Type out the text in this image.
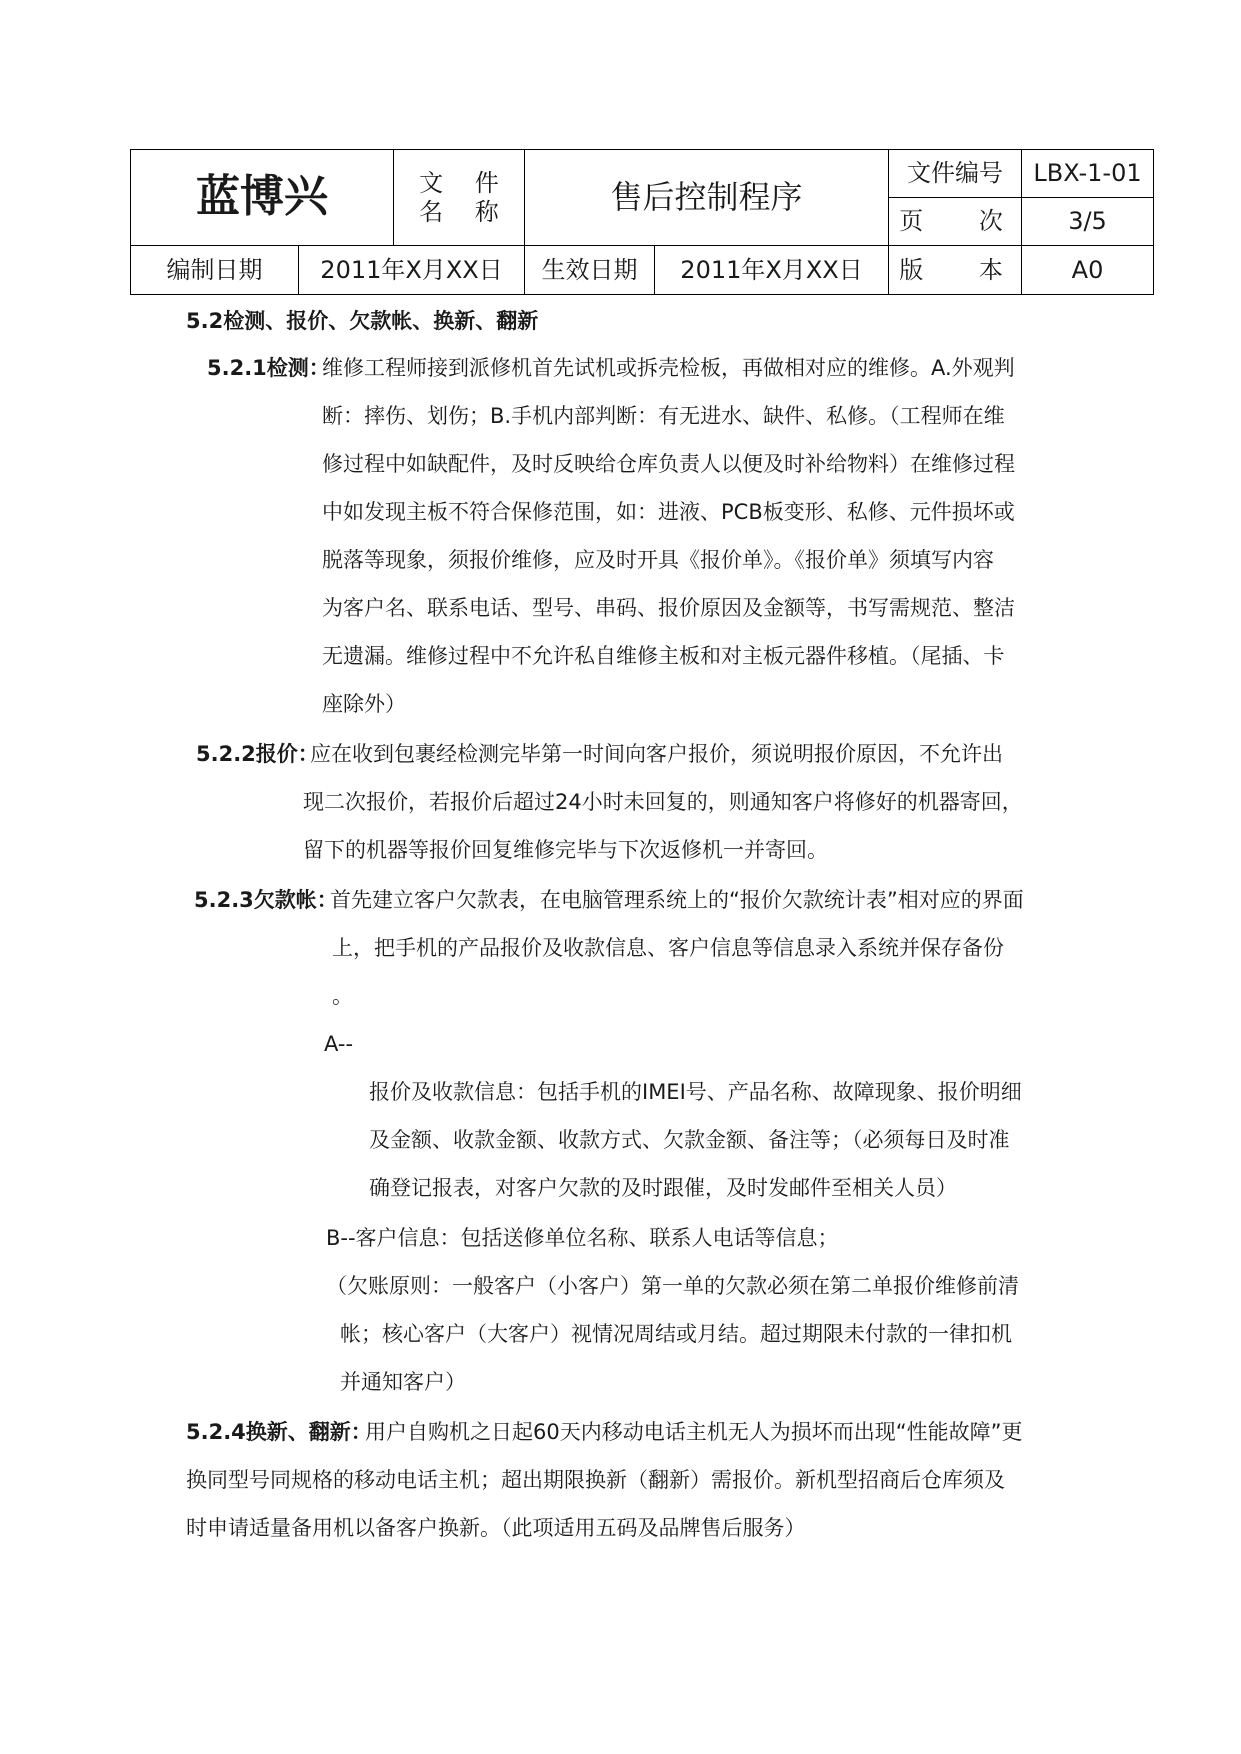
蓝博兴		文 件
名 称	售后控制程序		文件编号	LBX-1-01
					页　 次	3/5
编制日期	2011年X月XX日		生效日期	2011年X月XX日	版　 本	A0
5.2检测、报价、欠款帐、换新、翻新
5.2.1检测：
维修工程师接到派修机首先试机或拆壳检板，再做相对应的维修。A.外观判
断：摔伤、划伤；B.手机内部判断：有无进水、缺件、私修。（工程师在维
修过程中如缺配件，及时反映给仓库负责人以便及时补给物料）在维修过程
中如发现主板不符合保修范围，如：进液、PCB板变形、私修、元件损坏或
脱落等现象，须报价维修，应及时开具《报价单》。《报价单》须填写内容
为客户名、联系电话、型号、串码、报价原因及金额等，书写需规范、整洁
无遗漏。维修过程中不允许私自维修主板和对主板元器件移植。（尾插、卡
座除外）
5.2.2报价：
应在收到包裹经检测完毕第一时间向客户报价，须说明报价原因，不允许出
现二次报价，若报价后超过24小时未回复的，则通知客户将修好的机器寄回，
留下的机器等报价回复维修完毕与下次返修机一并寄回。
5.2.3欠款帐：
首先建立客户欠款表，在电脑管理系统上的“报价欠款统计表”相对应的界面
上，把手机的产品报价及收款信息、客户信息等信息录入系统并保存备份
。
A--
报价及收款信息：包括手机的IMEI号、产品名称、故障现象、报价明细
及金额、收款金额、收款方式、欠款金额、备注等；（必须每日及时准
确登记报表，对客户欠款的及时跟催，及时发邮件至相关人员）
B--客户信息：包括送修单位名称、联系人电话等信息；
（欠账原则：一般客户（小客户）第一单的欠款必须在第二单报价维修前清
帐；核心客户（大客户）视情况周结或月结。超过期限未付款的一律扣机
并通知客户）
5.2.4换新、翻新：
用户自购机之日起60天内移动电话主机无人为损坏而出现“性能故障”更
换同型号同规格的移动电话主机；超出期限换新（翻新）需报价。新机型招商后仓库须及
时申请适量备用机以备客户换新。（此项适用五码及品牌售后服务）
